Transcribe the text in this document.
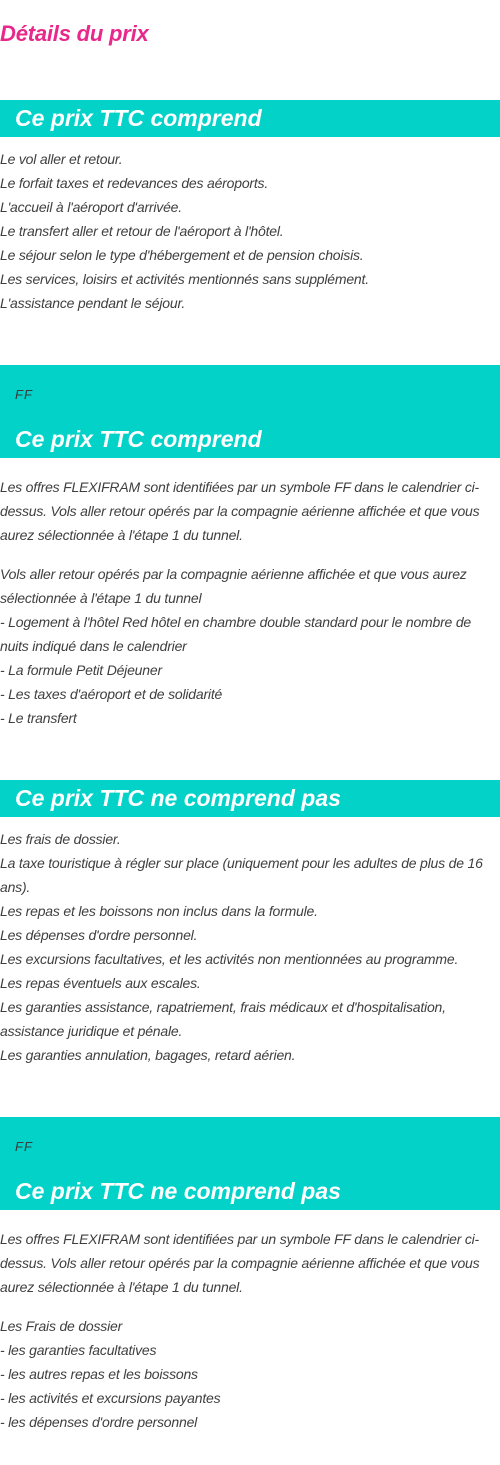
Détails du prix
Ce prix TTC comprend
Le vol aller et retour.
Le forfait taxes et redevances des aéroports.
L'accueil à l'aéroport d'arrivée.
Le transfert aller et retour de l'aéroport à l'hôtel.
Le séjour selon le type d'hébergement et de pension choisis.
Les services, loisirs et activités mentionnés sans supplément.
L'assistance pendant le séjour.
FF
Ce prix TTC comprend

Les offres FLEXIFRAM sont identifiées par un symbole FF dans le calendrier ci-dessus. Vols aller retour opérés par la compagnie aérienne affichée et que vous aurez sélectionnée à l'étape 1 du tunnel.

Vols aller retour opérés par la compagnie aérienne affichée et que vous aurez sélectionnée à l'étape 1 du tunnel
- Logement à l'hôtel Red hôtel en chambre double standard pour le nombre de nuits indiqué dans le calendrier
- La formule Petit Déjeuner
- Les taxes d'aéroport et de solidarité
- Le transfert
Ce prix TTC ne comprend pas
Les frais de dossier.
La taxe touristique à régler sur place (uniquement pour les adultes de plus de 16 ans).
Les repas et les boissons non inclus dans la formule.
Les dépenses d'ordre personnel.
Les excursions facultatives, et les activités non mentionnées au programme.
Les repas éventuels aux escales.
Les garanties assistance, rapatriement, frais médicaux et d'hospitalisation, assistance juridique et pénale.
Les garanties annulation, bagages, retard aérien.
FF
Ce prix TTC ne comprend pas

Les offres FLEXIFRAM sont identifiées par un symbole FF dans le calendrier ci-dessus. Vols aller retour opérés par la compagnie aérienne affichée et que vous aurez sélectionnée à l'étape 1 du tunnel.

Les Frais de dossier
- les garanties facultatives
- les autres repas et les boissons
- les activités et excursions payantes
- les dépenses d'ordre personnel
